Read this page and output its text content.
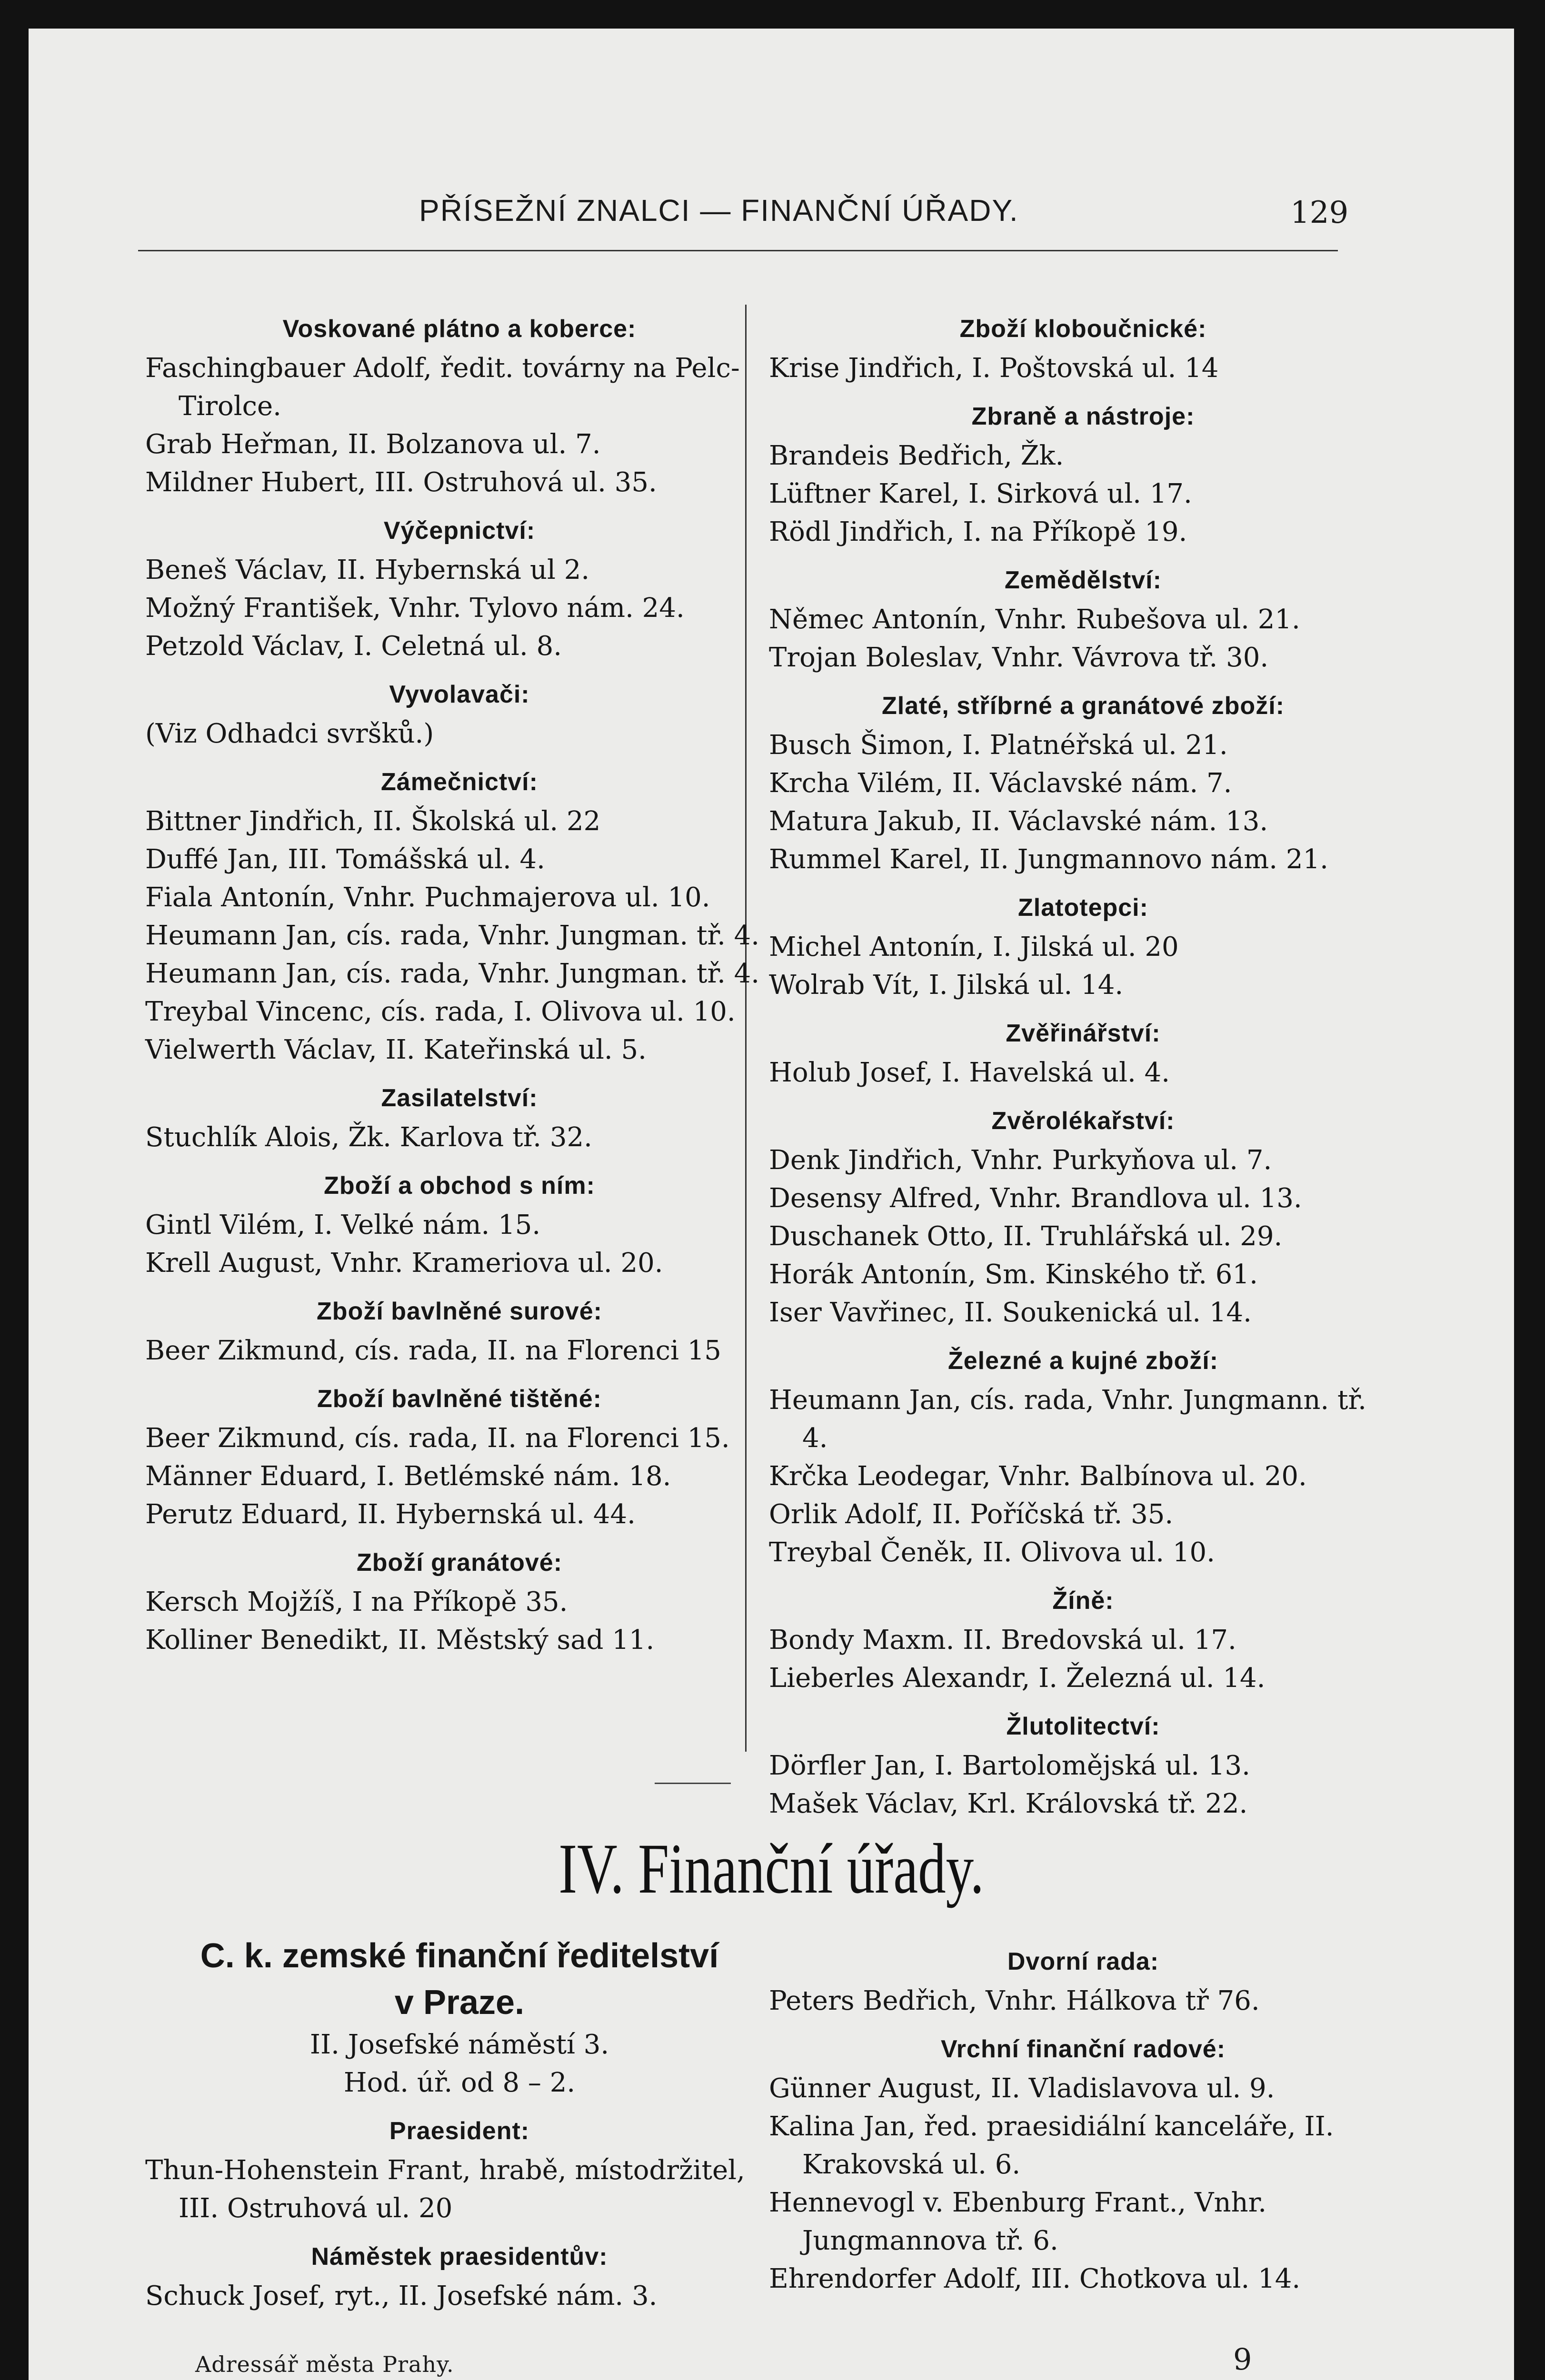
PŘÍSEŽNÍ ZNALCI — FINANČNÍ ÚŘADY.	129
Voskované plátno a koberce:
Faschingbauer Adolf, ředit. továrny na Pelc-Tirolce.
Grab Heřman, II. Bolzanova ul. 7.
Mildner Hubert, III. Ostruhová ul. 35.
Výčepnictví:
Beneš Václav, II. Hybernská ul 2.
Možný František, Vnhr. Tylovo nám. 24.
Petzold Václav, I. Celetná ul. 8.
Vyvolavači:
(Viz Odhadci svršků.)
Zámečnictví:
Bittner Jindřich, II. Školská ul. 22
Duffé Jan, III. Tomášská ul. 4.
Fiala Antonín, Vnhr. Puchmajerova ul. 10.
Heumann Jan, cís. rada, Vnhr. Jungman. tř. 4.
Heumann Jan, cís. rada, Vnhr. Jungman. tř. 4.
Treybal Vincenc, cís. rada, I. Olivova ul. 10.
Vielwerth Václav, II. Kateřinská ul. 5.
Zasilatelství:
Stuchlík Alois, Žk. Karlova tř. 32.
Zboží a obchod s ním:
Gintl Vilém, I. Velké nám. 15.
Krell August, Vnhr. Krameriova ul. 20.
Zboží bavlněné surové:
Beer Zikmund, cís. rada, II. na Florenci 15
Zboží bavlněné tištěné:
Beer Zikmund, cís. rada, II. na Florenci 15.
Männer Eduard, I. Betlémské nám. 18.
Perutz Eduard, II. Hybernská ul. 44.
Zboží granátové:
Kersch Mojžíš, I na Příkopě 35.
Kolliner Benedikt, II. Městský sad 11.
Zboží kloboučnické:
Krise Jindřich, I. Poštovská ul. 14
Zbraně a nástroje:
Brandeis Bedřich, Žk.
Lüftner Karel, I. Sirková ul. 17.
Rödl Jindřich, I. na Příkopě 19.
Zemědělství:
Němec Antonín, Vnhr. Rubešova ul. 21.
Trojan Boleslav, Vnhr. Vávrova tř. 30.
Zlaté, stříbrné a granátové zboží:
Busch Šimon, I. Platnéřská ul. 21.
Krcha Vilém, II. Václavské nám. 7.
Matura Jakub, II. Václavské nám. 13.
Rummel Karel, II. Jungmannovo nám. 21.
Zlatotepci:
Michel Antonín, I. Jilská ul. 20
Wolrab Vít, I. Jilská ul. 14.
Zvěřinářství:
Holub Josef, I. Havelská ul. 4.
Zvěrolékařství:
Denk Jindřich, Vnhr. Purkyňova ul. 7.
Desensy Alfred, Vnhr. Brandlova ul. 13.
Duschanek Otto, II. Truhlářská ul. 29.
Horák Antonín, Sm. Kinského tř. 61.
Iser Vavřinec, II. Soukenická ul. 14.
Železné a kujné zboží:
Heumann Jan, cís. rada, Vnhr. Jungmann. tř. 4.
Krčka Leodegar, Vnhr. Balbínova ul. 20.
Orlik Adolf, II. Poříčská tř. 35.
Treybal Čeněk, II. Olivova ul. 10.
Žíně:
Bondy Maxm. II. Bredovská ul. 17.
Lieberles Alexandr, I. Železná ul. 14.
Žlutolitectví:
Dörfler Jan, I. Bartolomějská ul. 13.
Mašek Václav, Krl. Královská tř. 22.
IV. Finanční úřady.
C. k. zemské finanční ředitelství
v Praze.
II. Josefské náměstí 3.
Hod. úř. od 8 – 2.
Praesident:
Thun-Hohenstein Frant, hrabě, místodržitel, III. Ostruhová ul. 20
Náměstek praesidentův:
Schuck Josef, ryt., II. Josefské nám. 3.
Dvorní rada:
Peters Bedřich, Vnhr. Hálkova tř 76.
Vrchní finanční radové:
Günner August, II. Vladislavova ul. 9.
Kalina Jan, řed. praesidiální kanceláře, II. Krakovská ul. 6.
Hennevogl v. Ebenburg Frant., Vnhr. Jungmannova tř. 6.
Ehrendorfer Adolf, III. Chotkova ul. 14.
Adressář města Prahy.	9
